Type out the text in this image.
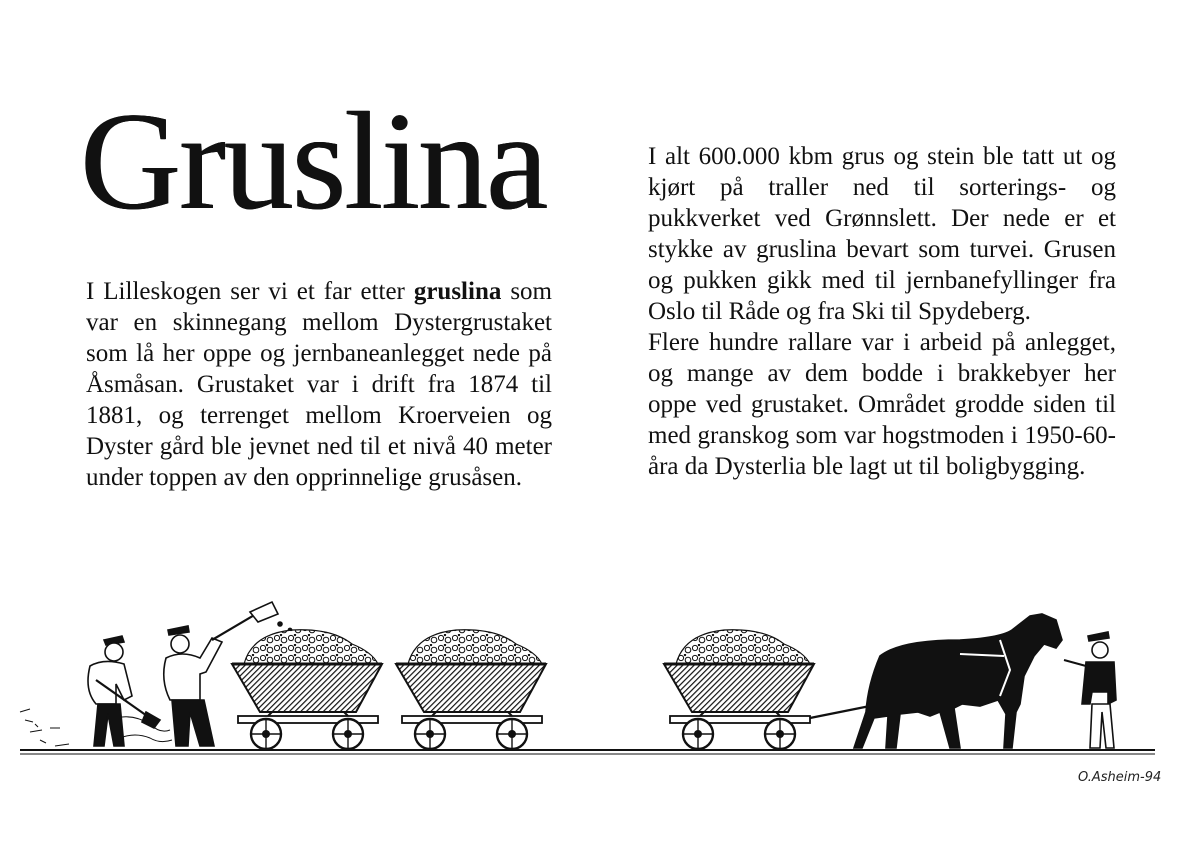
Gruslina

I Lilleskogen ser vi et far etter gruslina som var en skinnegang mellom Dystergrustaket som lå her oppe og jernbaneanlegget nede på Åsmåsan. Grustaket var i drift fra 1874 til 1881, og terrenget mellom Kroerveien og Dyster gård ble jevnet ned til et nivå 40 meter under toppen av den opprinnelige grusåsen.

I alt 600.000 kbm grus og stein ble tatt ut og kjørt på traller ned til sorterings- og pukkverket ved Grønnslett. Der nede er et stykke av gruslina bevart som turvei. Grusen og pukken gikk med til jernbanefyllinger fra Oslo til Råde og fra Ski til Spydeberg.

Flere hundre rallare var i arbeid på anlegget, og mange av dem bodde i brakkebyer her oppe ved grustaket. Området grodde siden til med granskog som var hogstmoden i 1950-60-åra da Dysterlia ble lagt ut til boligbygging.

O.Asheim-94
